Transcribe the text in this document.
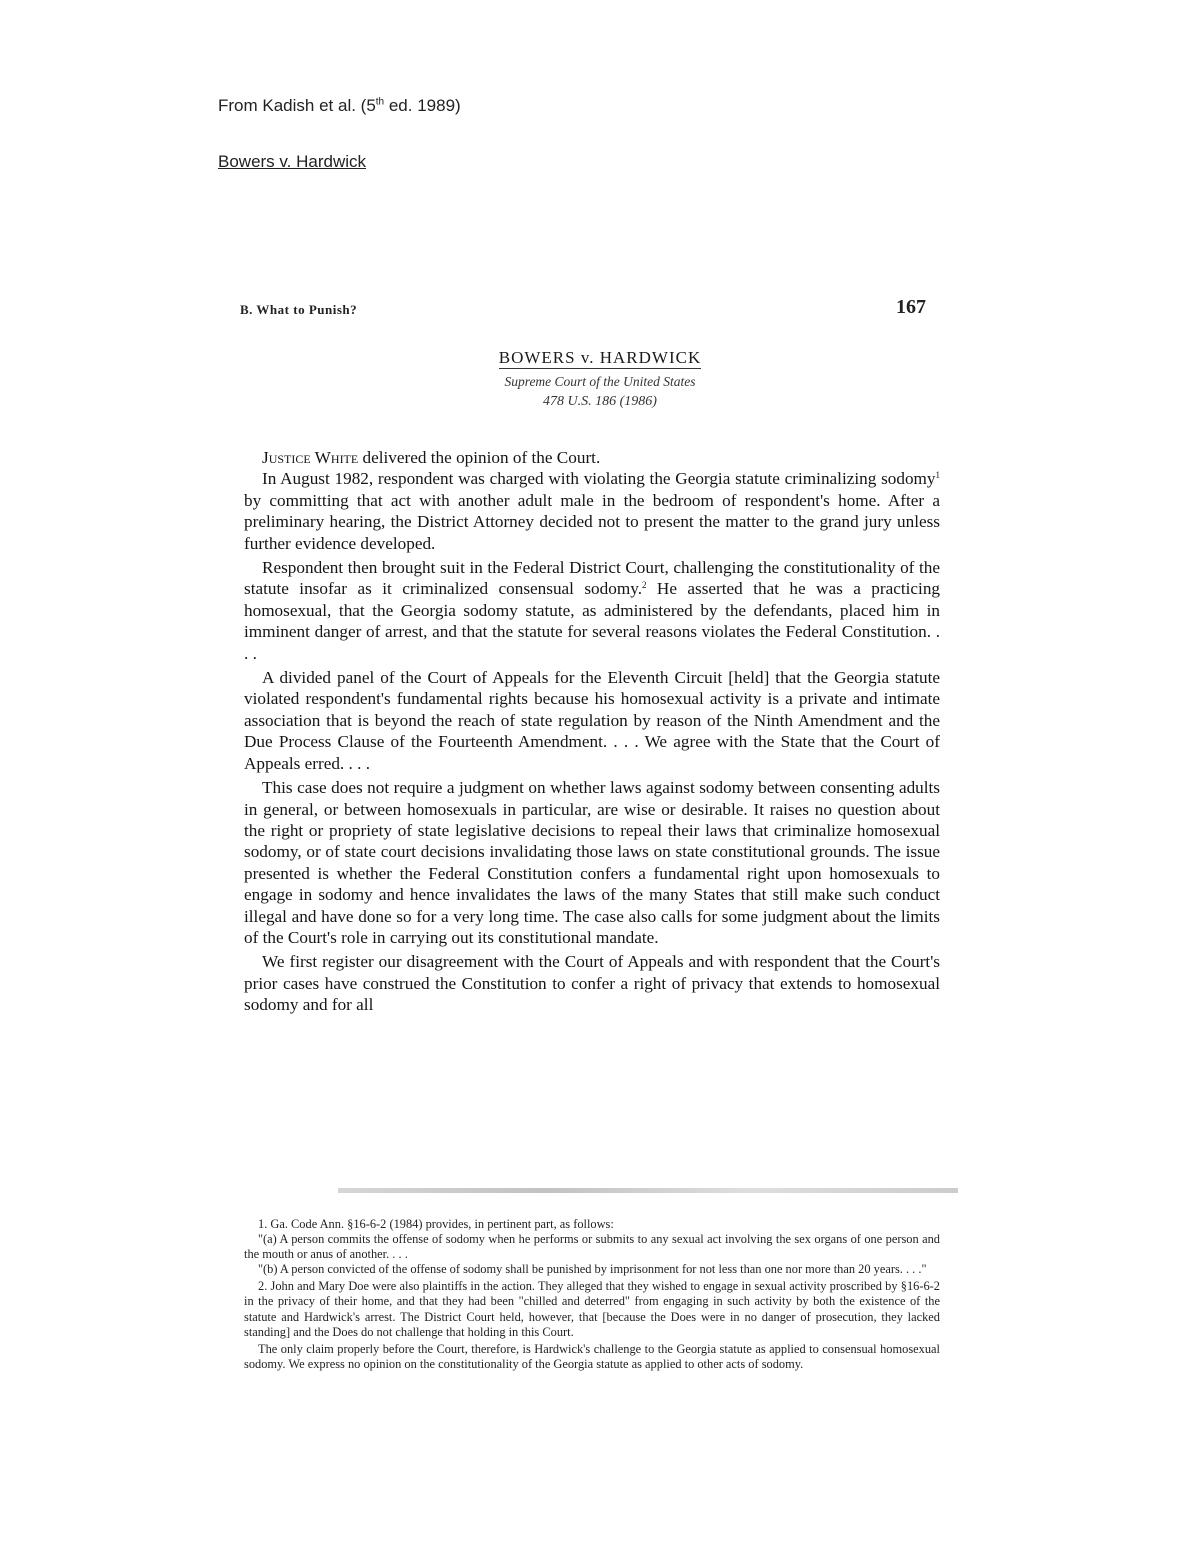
From Kadish et al. (5th ed. 1989)
Bowers v. Hardwick
B. What to Punish?	167
BOWERS v. HARDWICK
Supreme Court of the United States
478 U.S. 186 (1986)

Justice White delivered the opinion of the Court.

In August 1982, respondent was charged with violating the Georgia statute criminalizing sodomy$^1$ by committing that act with another adult male in the bedroom of respondent's home. After a preliminary hearing, the District Attorney decided not to present the matter to the grand jury unless further evidence developed.

Respondent then brought suit in the Federal District Court, challenging the constitutionality of the statute insofar as it criminalized consensual sodomy.$^2$ He asserted that he was a practicing homosexual, that the Georgia sodomy statute, as administered by the defendants, placed him in imminent danger of arrest, and that the statute for several reasons violates the Federal Constitution. . . .

A divided panel of the Court of Appeals for the Eleventh Circuit [held] that the Georgia statute violated respondent's fundamental rights because his homosexual activity is a private and intimate association that is beyond the reach of state regulation by reason of the Ninth Amendment and the Due Process Clause of the Fourteenth Amendment. . . . We agree with the State that the Court of Appeals erred. . . .

This case does not require a judgment on whether laws against sodomy between consenting adults in general, or between homosexuals in particular, are wise or desirable. It raises no question about the right or propriety of state legislative decisions to repeal their laws that criminalize homosexual sodomy, or of state court decisions invalidating those laws on state constitutional grounds. The issue presented is whether the Federal Constitution confers a fundamental right upon homosexuals to engage in sodomy and hence invalidates the laws of the many States that still make such conduct illegal and have done so for a very long time. The case also calls for some judgment about the limits of the Court's role in carrying out its constitutional mandate.

We first register our disagreement with the Court of Appeals and with respondent that the Court's prior cases have construed the Constitution to confer a right of privacy that extends to homosexual sodomy and for all

1. Ga. Code Ann. §16-6-2 (1984) provides, in pertinent part, as follows:

"(a) A person commits the offense of sodomy when he performs or submits to any sexual act involving the sex organs of one person and the mouth or anus of another. . . .

"(b) A person convicted of the offense of sodomy shall be punished by imprisonment for not less than one nor more than 20 years. . . ."

2. John and Mary Doe were also plaintiffs in the action. They alleged that they wished to engage in sexual activity proscribed by §16-6-2 in the privacy of their home, and that they had been "chilled and deterred" from engaging in such activity by both the existence of the statute and Hardwick's arrest. The District Court held, however, that [because the Does were in no danger of prosecution, they lacked standing] and the Does do not challenge that holding in this Court.

The only claim properly before the Court, therefore, is Hardwick's challenge to the Georgia statute as applied to consensual homosexual sodomy. We express no opinion on the constitutionality of the Georgia statute as applied to other acts of sodomy.
